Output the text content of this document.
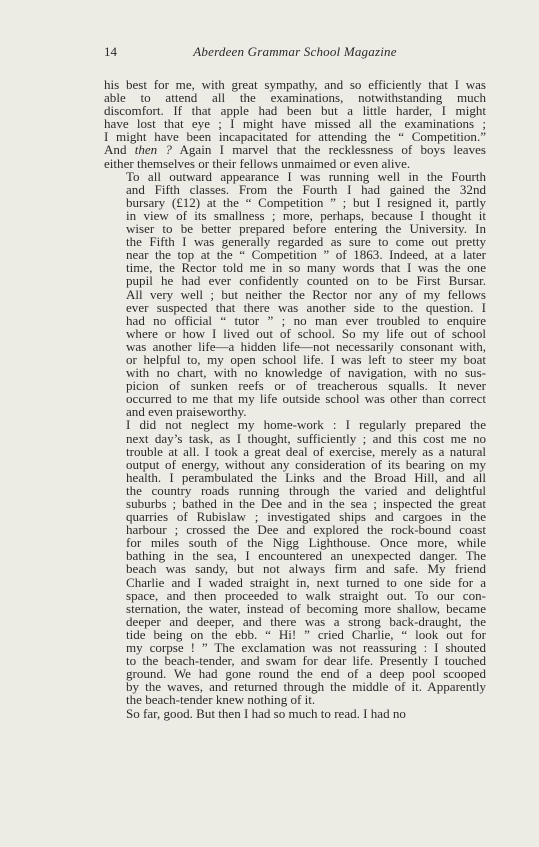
14	Aberdeen Grammar School Magazine

his best for me, with great sympathy, and so efficiently that I was
able to attend all the examinations, notwithstanding much
discomfort. If that apple had been but a little harder, I might
have lost that eye ; I might have missed all the examinations ;
I might have been incapacitated for attending the “ Competition.”
And then ? Again I marvel that the recklessness of boys leaves
either themselves or their fellows unmaimed or even alive.

To all outward appearance I was running well in the Fourth
and Fifth classes. From the Fourth I had gained the 32nd
bursary (£12) at the “ Competition ” ; but I resigned it, partly
in view of its smallness ; more, perhaps, because I thought it
wiser to be better prepared before entering the University. In
the Fifth I was generally regarded as sure to come out pretty
near the top at the “ Competition ” of 1863. Indeed, at a later
time, the Rector told me in so many words that I was the one
pupil he had ever confidently counted on to be First Bursar.
All very well ; but neither the Rector nor any of my fellows
ever suspected that there was another side to the question. I
had no official “ tutor ” ; no man ever troubled to enquire
where or how I lived out of school. So my life out of school
was another life—a hidden life—not necessarily consonant with,
or helpful to, my open school life. I was left to steer my boat
with no chart, with no knowledge of navigation, with no sus-
picion of sunken reefs or of treacherous squalls. It never
occurred to me that my life outside school was other than correct
and even praiseworthy.

I did not neglect my home-work : I regularly prepared the
next day’s task, as I thought, sufficiently ; and this cost me no
trouble at all. I took a great deal of exercise, merely as a natural
output of energy, without any consideration of its bearing on my
health. I perambulated the Links and the Broad Hill, and all
the country roads running through the varied and delightful
suburbs ; bathed in the Dee and in the sea ; inspected the great
quarries of Rubislaw ; investigated ships and cargoes in the
harbour ; crossed the Dee and explored the rock-bound coast
for miles south of the Nigg Lighthouse. Once more, while
bathing in the sea, I encountered an unexpected danger. The
beach was sandy, but not always firm and safe. My friend
Charlie and I waded straight in, next turned to one side for a
space, and then proceeded to walk straight out. To our con-
sternation, the water, instead of becoming more shallow, became
deeper and deeper, and there was a strong back-draught, the
tide being on the ebb. “ Hi! ” cried Charlie, “ look out for
my corpse ! ” The exclamation was not reassuring : I shouted
to the beach-tender, and swam for dear life. Presently I touched
ground. We had gone round the end of a deep pool scooped
by the waves, and returned through the middle of it. Apparently
the beach-tender knew nothing of it.

So far, good. But then I had so much to read. I had no
